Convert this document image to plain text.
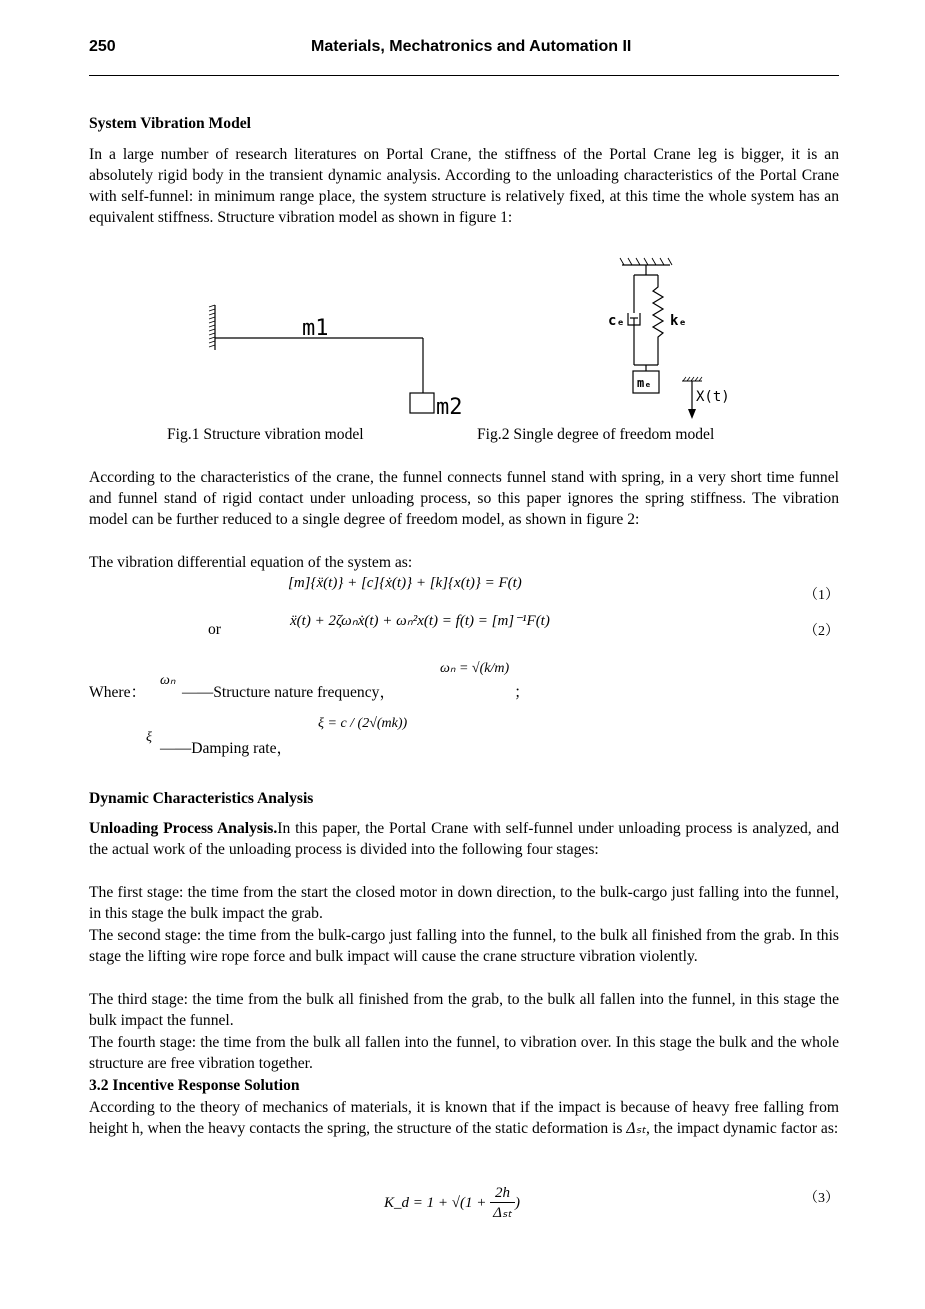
250	Materials, Mechatronics and Automation II
System Vibration Model
In a large number of research literatures on Portal Crane, the stiffness of the Portal Crane leg is bigger, it is an absolutely rigid body in the transient dynamic analysis. According to the unloading characteristics of the Portal Crane with self-funnel: in minimum range place, the system structure is relatively fixed, at this time the whole system has an equivalent stiffness. Structure vibration model as shown in figure 1:
m1
m2
cₑ	kₑ
mₑ
X(t)
Fig.1 Structure vibration model	Fig.2 Single degree of freedom model
According to the characteristics of the crane, the funnel connects funnel stand with spring, in a very short time funnel and funnel stand of rigid contact under unloading process, so this paper ignores the spring stiffness. The vibration model can be further reduced to a single degree of freedom model, as shown in figure 2:
The vibration differential equation of the system as:
[m]{ẍ(t)} + [c]{ẋ(t)} + [k]{x(t)} = F(t)
（1）
or	ẍ(t) + 2ζωₙẋ(t) + ωₙ²x(t) = f(t) = [m]⁻¹F(t)
（2）
Where：
ωₙ
——Structure nature frequency，
ωₙ = √(k/m)
；
ξ
——Damping rate，
ξ = c / (2√(mk))
Dynamic Characteristics Analysis
Unloading Process Analysis.In this paper, the Portal Crane with self-funnel under unloading process is analyzed, and the actual work of the unloading process is divided into the following four stages:
The first stage: the time from the start the closed motor in down direction, to the bulk-cargo just falling into the funnel, in this stage the bulk impact the grab.
The second stage: the time from the bulk-cargo just falling into the funnel, to the bulk all finished from the grab. In this stage the lifting wire rope force and bulk impact will cause the crane structure vibration violently.
The third stage: the time from the bulk all finished from the grab, to the bulk all fallen into the funnel, in this stage the bulk impact the funnel.
The fourth stage: the time from the bulk all fallen into the funnel, to vibration over. In this stage the bulk and the whole structure are free vibration together.
3.2 Incentive Response Solution
According to the theory of mechanics of materials, it is known that if the impact is because of heavy free falling from height h, when the heavy contacts the spring, the structure of the static deformation is Δₛₜ, the impact dynamic factor as:
K_d = $1 + √(1 + \frac{2h}{\text{Δₛₜ}}$ )	（3）
